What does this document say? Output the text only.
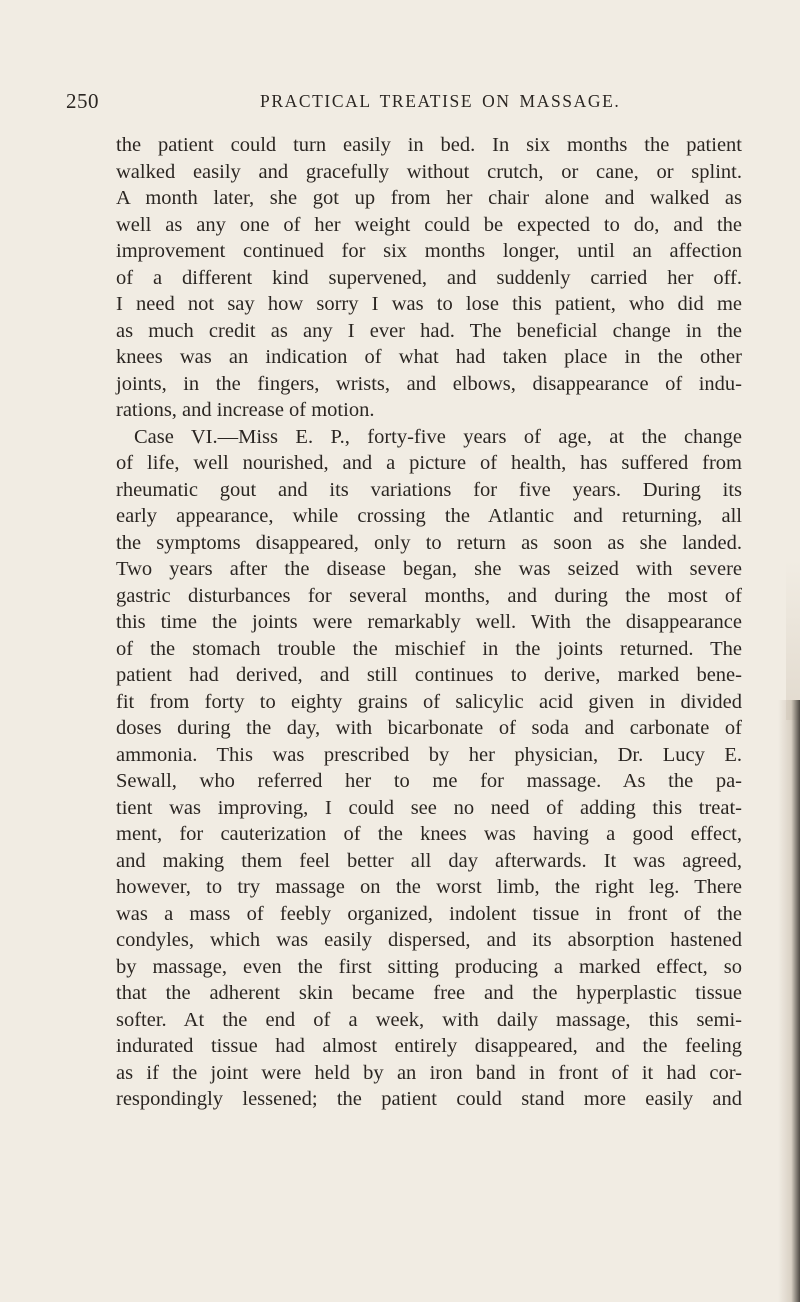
250	PRACTICAL TREATISE ON MASSAGE.
the patient could turn easily in bed. In six months the patient
walked easily and gracefully without crutch, or cane, or splint.
A month later, she got up from her chair alone and walked as
well as any one of her weight could be expected to do, and the
improvement continued for six months longer, until an affection
of a different kind supervened, and suddenly carried her off.
I need not say how sorry I was to lose this patient, who did me
as much credit as any I ever had. The beneficial change in the
knees was an indication of what had taken place in the other
joints, in the fingers, wrists, and elbows, disappearance of indu-
rations, and increase of motion.
Case VI.—Miss E. P., forty-five years of age, at the change
of life, well nourished, and a picture of health, has suffered from
rheumatic gout and its variations for five years. During its
early appearance, while crossing the Atlantic and returning, all
the symptoms disappeared, only to return as soon as she landed.
Two years after the disease began, she was seized with severe
gastric disturbances for several months, and during the most of
this time the joints were remarkably well. With the disappearance
of the stomach trouble the mischief in the joints returned. The
patient had derived, and still continues to derive, marked bene-
fit from forty to eighty grains of salicylic acid given in divided
doses during the day, with bicarbonate of soda and carbonate of
ammonia. This was prescribed by her physician, Dr. Lucy E.
Sewall, who referred her to me for massage. As the pa-
tient was improving, I could see no need of adding this treat-
ment, for cauterization of the knees was having a good effect,
and making them feel better all day afterwards. It was agreed,
however, to try massage on the worst limb, the right leg. There
was a mass of feebly organized, indolent tissue in front of the
condyles, which was easily dispersed, and its absorption hastened
by massage, even the first sitting producing a marked effect, so
that the adherent skin became free and the hyperplastic tissue
softer. At the end of a week, with daily massage, this semi-
indurated tissue had almost entirely disappeared, and the feeling
as if the joint were held by an iron band in front of it had cor-
respondingly lessened; the patient could stand more easily and
